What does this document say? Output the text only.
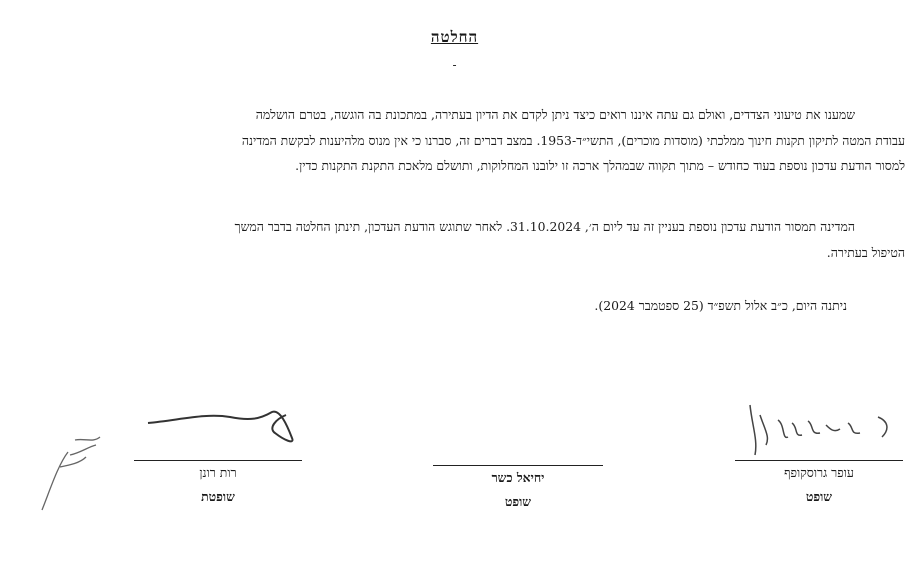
החלטה
-
שמענו את טיעוני הצדדים, ואולם גם עתה איננו רואים כיצד ניתן לקדם את הדיון בעתירה, במתכונת בה הוגשה, בטרם הושלמה
עבודת המטה לתיקון תקנות חינוך ממלכתי (מוסדות מוכרים), התשי״ד-1953. במצב דברים זה, סברנו כי אין מנוס מלהיענות לבקשת המדינה
למסור הודעת עדכון נוספת בעוד כחודש – מתוך תקווה שבמהלך ארכה זו ילובנו המחלוקות, ותושלם מלאכת התקנת התקנות כדין.
המדינה תמסור הודעת עדכון נוספת בעניין זה עד ליום ה׳, 31.10.2024. לאחר שתוגש הודעת העדכון, תינתן החלטה בדבר המשך
הטיפול בעתירה.
ניתנה היום, כ״ב אלול תשפ״ד (25 ספטמבר 2024).
רות רונן
שופטת
יחיאל כשר
שופט
עופר גרוסקופף
שופט
